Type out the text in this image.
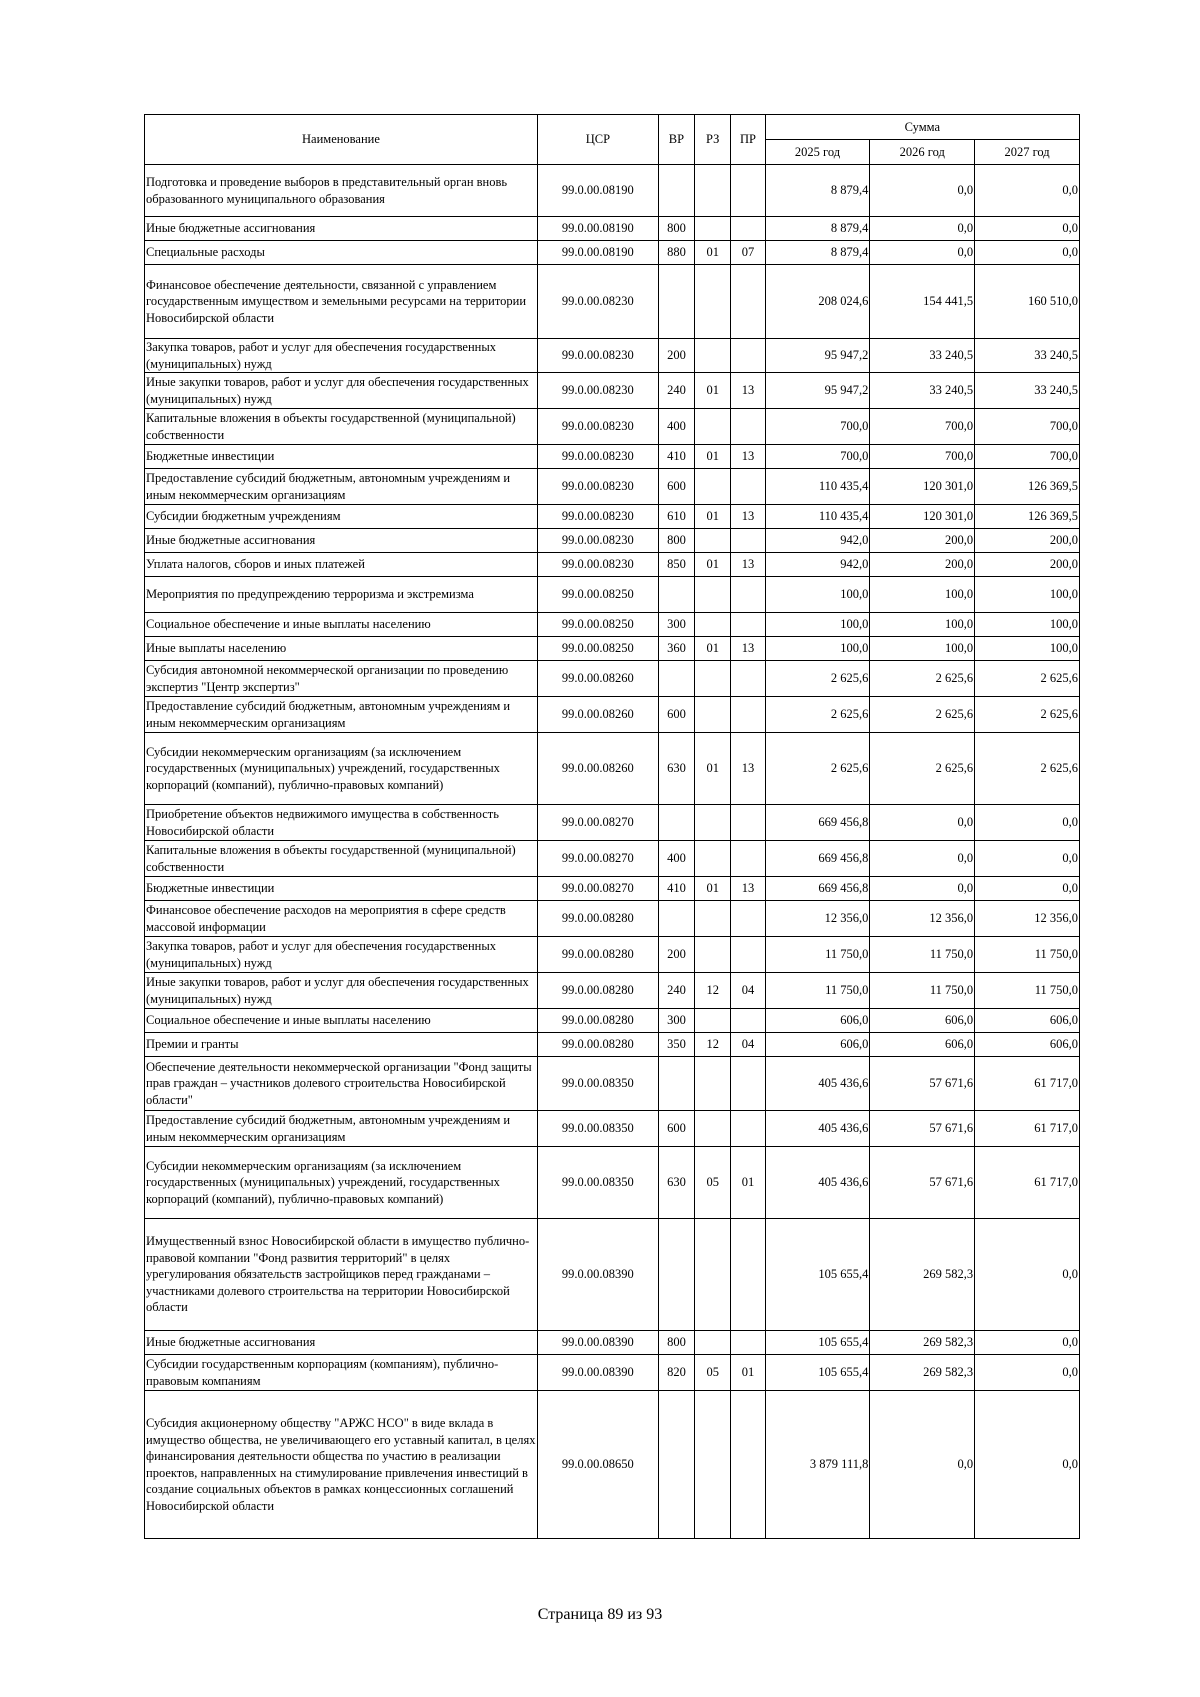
Наименование	ЦСР	ВР	РЗ	ПР	Сумма		
					2025 год	2026 год	2027 год
Подготовка и проведение выборов в представительный орган вновь образованного муниципального образования	99.0.00.08190				8 879,4	0,0	0,0
Иные бюджетные ассигнования	99.0.00.08190	800			8 879,4	0,0	0,0
Специальные расходы	99.0.00.08190	880	01	07	8 879,4	0,0	0,0
Финансовое обеспечение деятельности, связанной с управлением государственным имуществом и земельными ресурсами на территории Новосибирской области	99.0.00.08230				208 024,6	154 441,5	160 510,0
Закупка товаров, работ и услуг для обеспечения государственных (муниципальных) нужд	99.0.00.08230	200			95 947,2	33 240,5	33 240,5
Иные закупки товаров, работ и услуг для обеспечения государственных (муниципальных) нужд	99.0.00.08230	240	01	13	95 947,2	33 240,5	33 240,5
Капитальные вложения в объекты государственной (муниципальной) собственности	99.0.00.08230	400			700,0	700,0	700,0
Бюджетные инвестиции	99.0.00.08230	410	01	13	700,0	700,0	700,0
Предоставление субсидий бюджетным, автономным учреждениям и иным некоммерческим организациям	99.0.00.08230	600			110 435,4	120 301,0	126 369,5
Субсидии бюджетным учреждениям	99.0.00.08230	610	01	13	110 435,4	120 301,0	126 369,5
Иные бюджетные ассигнования	99.0.00.08230	800			942,0	200,0	200,0
Уплата налогов, сборов и иных платежей	99.0.00.08230	850	01	13	942,0	200,0	200,0
Мероприятия по предупреждению терроризма и экстремизма	99.0.00.08250				100,0	100,0	100,0
Социальное обеспечение и иные выплаты населению	99.0.00.08250	300			100,0	100,0	100,0
Иные выплаты населению	99.0.00.08250	360	01	13	100,0	100,0	100,0
Субсидия автономной некоммерческой организации по проведению экспертиз "Центр экспертиз"	99.0.00.08260				2 625,6	2 625,6	2 625,6
Предоставление субсидий бюджетным, автономным учреждениям и иным некоммерческим организациям	99.0.00.08260	600			2 625,6	2 625,6	2 625,6
Субсидии некоммерческим организациям (за исключением государственных (муниципальных) учреждений, государственных корпораций (компаний), публично-правовых компаний)	99.0.00.08260	630	01	13	2 625,6	2 625,6	2 625,6
Приобретение объектов недвижимого имущества в собственность Новосибирской области	99.0.00.08270				669 456,8	0,0	0,0
Капитальные вложения в объекты государственной (муниципальной) собственности	99.0.00.08270	400			669 456,8	0,0	0,0
Бюджетные инвестиции	99.0.00.08270	410	01	13	669 456,8	0,0	0,0
Финансовое обеспечение расходов на мероприятия в сфере средств массовой информации	99.0.00.08280				12 356,0	12 356,0	12 356,0
Закупка товаров, работ и услуг для обеспечения государственных (муниципальных) нужд	99.0.00.08280	200			11 750,0	11 750,0	11 750,0
Иные закупки товаров, работ и услуг для обеспечения государственных (муниципальных) нужд	99.0.00.08280	240	12	04	11 750,0	11 750,0	11 750,0
Социальное обеспечение и иные выплаты населению	99.0.00.08280	300			606,0	606,0	606,0
Премии и гранты	99.0.00.08280	350	12	04	606,0	606,0	606,0
Обеспечение деятельности некоммерческой организации "Фонд защиты прав граждан – участников долевого строительства Новосибирской области"	99.0.00.08350				405 436,6	57 671,6	61 717,0
Предоставление субсидий бюджетным, автономным учреждениям и иным некоммерческим организациям	99.0.00.08350	600			405 436,6	57 671,6	61 717,0
Субсидии некоммерческим организациям (за исключением государственных (муниципальных) учреждений, государственных корпораций (компаний), публично-правовых компаний)	99.0.00.08350	630	05	01	405 436,6	57 671,6	61 717,0
Имущественный взнос Новосибирской области в имущество публично-правовой компании "Фонд развития территорий" в целях урегулирования обязательств застройщиков перед гражданами – участниками долевого строительства на территории Новосибирской области	99.0.00.08390				105 655,4	269 582,3	0,0
Иные бюджетные ассигнования	99.0.00.08390	800			105 655,4	269 582,3	0,0
Субсидии государственным корпорациям (компаниям), публично-правовым компаниям	99.0.00.08390	820	05	01	105 655,4	269 582,3	0,0
Субсидия акционерному обществу "АРЖС НСО" в виде вклада в имущество общества, не увеличивающего его уставный капитал, в целях финансирования деятельности общества по участию в реализации проектов, направленных на стимулирование привлечения инвестиций в создание социальных объектов в рамках концессионных соглашений Новосибирской области	99.0.00.08650				3 879 111,8	0,0	0,0
Страница 89 из 93
